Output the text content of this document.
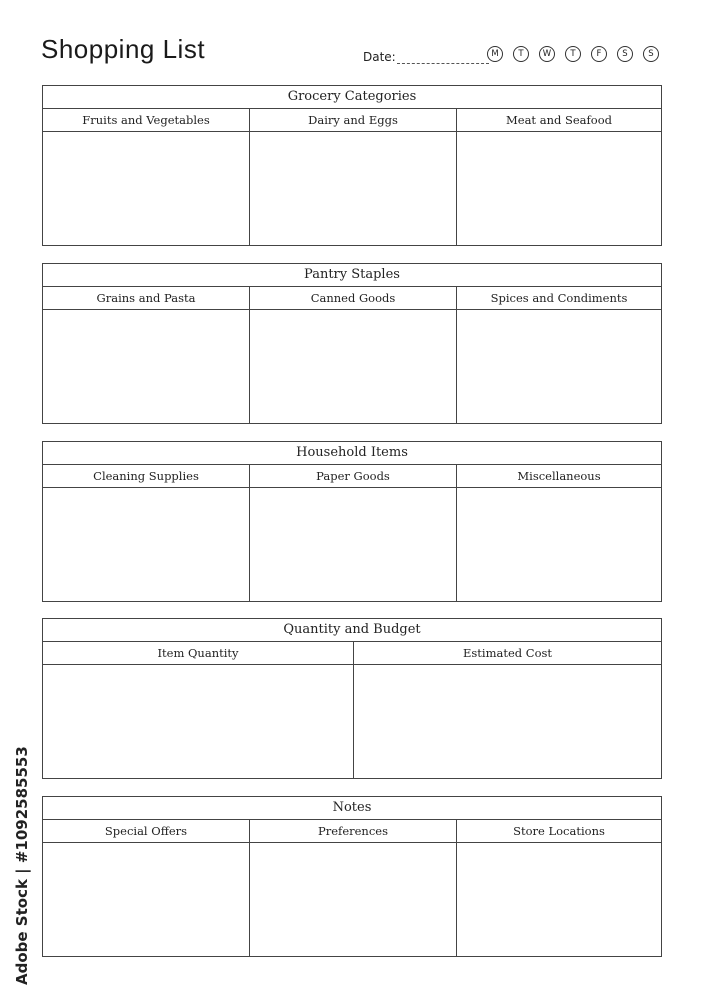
Shopping List	Date:	M	T	W	T	F	S	S
Grocery Categories
Fruits and Vegetables	Dairy and Eggs	Meat and Seafood
Pantry Staples
Grains and Pasta	Canned Goods	Spices and Condiments
Household Items
Cleaning Supplies	Paper Goods	Miscellaneous
Quantity and Budget
Item Quantity	Estimated Cost
Notes
Special Offers	Preferences	Store Locations
Adobe Stock | #1092585553
